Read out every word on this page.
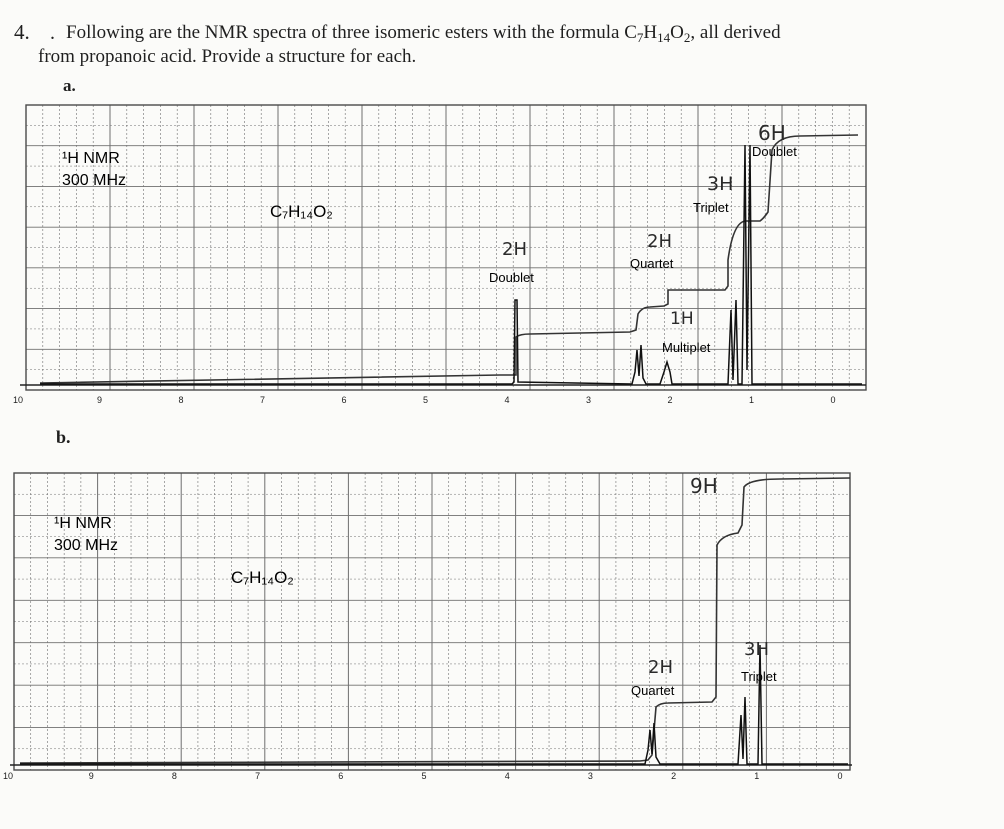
4. . Following are the NMR spectra of three isomeric esters with the formula $C_7H_{14}O_2$, all derived
from propanoic acid. Provide a structure for each.
a.
b.
10	9	8	7	6	5	4	3	2	1	0
¹H NMR
300 MHz
C₇H₁₄O₂
2H
Doublet
2H
Quartet
1H
Multiplet
3H
Triplet
6H
Doublet
10	9	8	7	6	5	4	3	2	1	0
¹H NMR
300 MHz
C₇H₁₄O₂
2H
Quartet
9H
3H
Triplet
